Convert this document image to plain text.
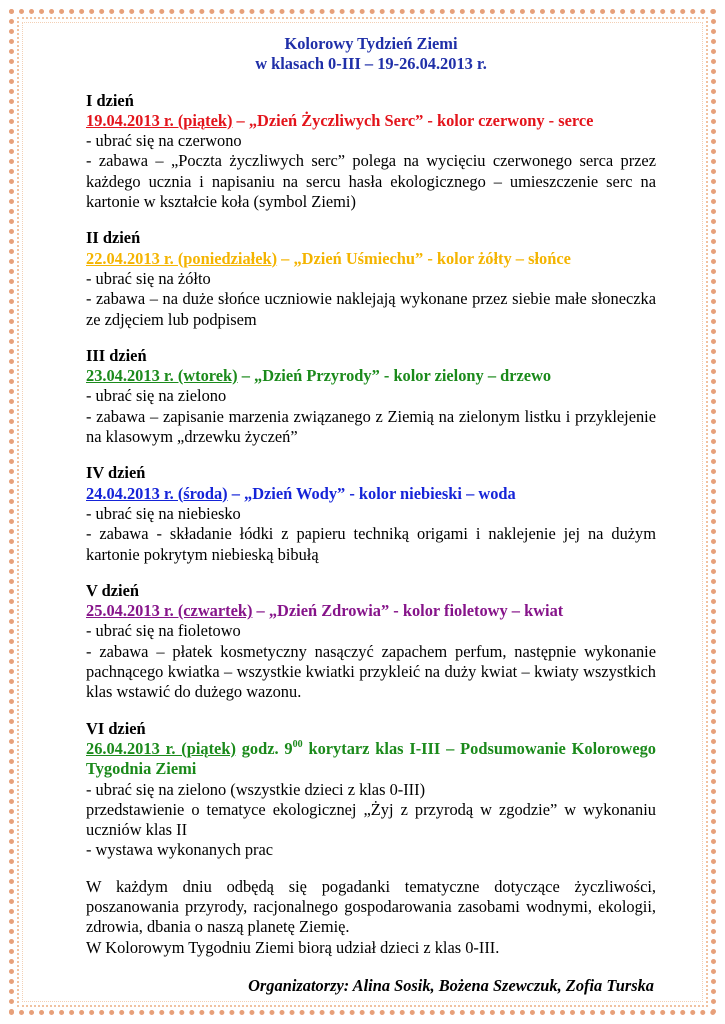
Kolorowy Tydzień Ziemi
w klasach 0-III – 19-26.04.2013 r.
I dzień
19.04.2013 r. (piątek) – „Dzień Życzliwych Serc” - kolor czerwony - serce
- ubrać się na czerwono
- zabawa – „Poczta życzliwych serc” polega na wycięciu czerwonego serca przez każdego ucznia i napisaniu na sercu hasła ekologicznego – umieszczenie serc na kartonie w kształcie koła (symbol Ziemi)
II dzień
22.04.2013 r. (poniedziałek) – „Dzień Uśmiechu” - kolor żółty – słońce
- ubrać się na żółto
- zabawa – na duże słońce uczniowie naklejają wykonane przez siebie małe słoneczka ze zdjęciem lub podpisem
III dzień
23.04.2013 r. (wtorek) – „Dzień Przyrody” - kolor zielony – drzewo
- ubrać się na zielono
- zabawa – zapisanie marzenia związanego z Ziemią na zielonym listku i przyklejenie na klasowym „drzewku życzeń”
IV dzień
24.04.2013 r. (środa) – „Dzień Wody” - kolor niebieski – woda
- ubrać się na niebiesko
- zabawa - składanie łódki z papieru techniką origami i naklejenie jej na dużym kartonie pokrytym niebieską bibułą
V dzień
25.04.2013 r. (czwartek) – „Dzień Zdrowia” - kolor fioletowy – kwiat
- ubrać się na fioletowo
- zabawa – płatek kosmetyczny nasączyć zapachem perfum, następnie wykonanie pachnącego kwiatka – wszystkie kwiatki przykleić na duży kwiat – kwiaty wszystkich klas wstawić do dużego wazonu.
VI dzień
26.04.2013 r. (piątek) godz. $9^{00}$ korytarz klas I-III – Podsumowanie Kolorowego Tygodnia Ziemi
- ubrać się na zielono (wszystkie dzieci z klas 0-III)
przedstawienie o tematyce ekologicznej „Żyj z przyrodą w zgodzie” w wykonaniu uczniów klas II
- wystawa wykonanych prac
W każdym dniu odbędą się pogadanki tematyczne dotyczące życzliwości, poszanowania przyrody, racjonalnego gospodarowania zasobami wodnymi, ekologii, zdrowia, dbania o naszą planetę Ziemię.
W Kolorowym Tygodniu Ziemi biorą udział dzieci z klas 0-III.
Organizatorzy: Alina Sosik, Bożena Szewczuk, Zofia Turska
